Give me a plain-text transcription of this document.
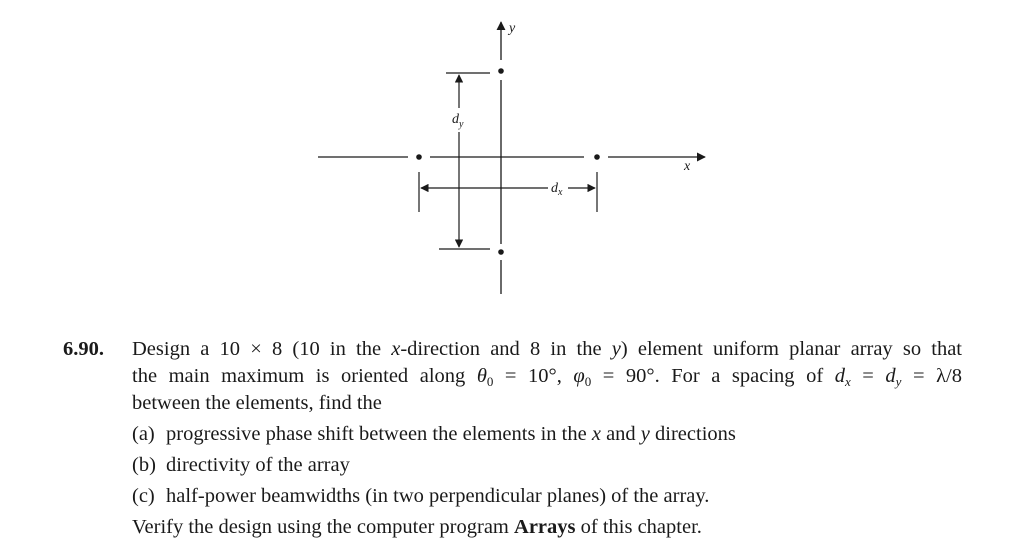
y
x
$d_y$
$d_x$
6.90. Design a 10 × 8 (10 in the x-direction and 8 in the y) element uniform planar array so that
the main maximum is oriented along $\theta_0 = 10^\circ$, $\varphi_0 = 90^\circ$. For a spacing of $d_x = d_y = \lambda/8$
between the elements, find the
(a) progressive phase shift between the elements in the x and y directions
(b) directivity of the array
(c) half-power beamwidths (in two perpendicular planes) of the array.
Verify the design using the computer program Arrays of this chapter.
